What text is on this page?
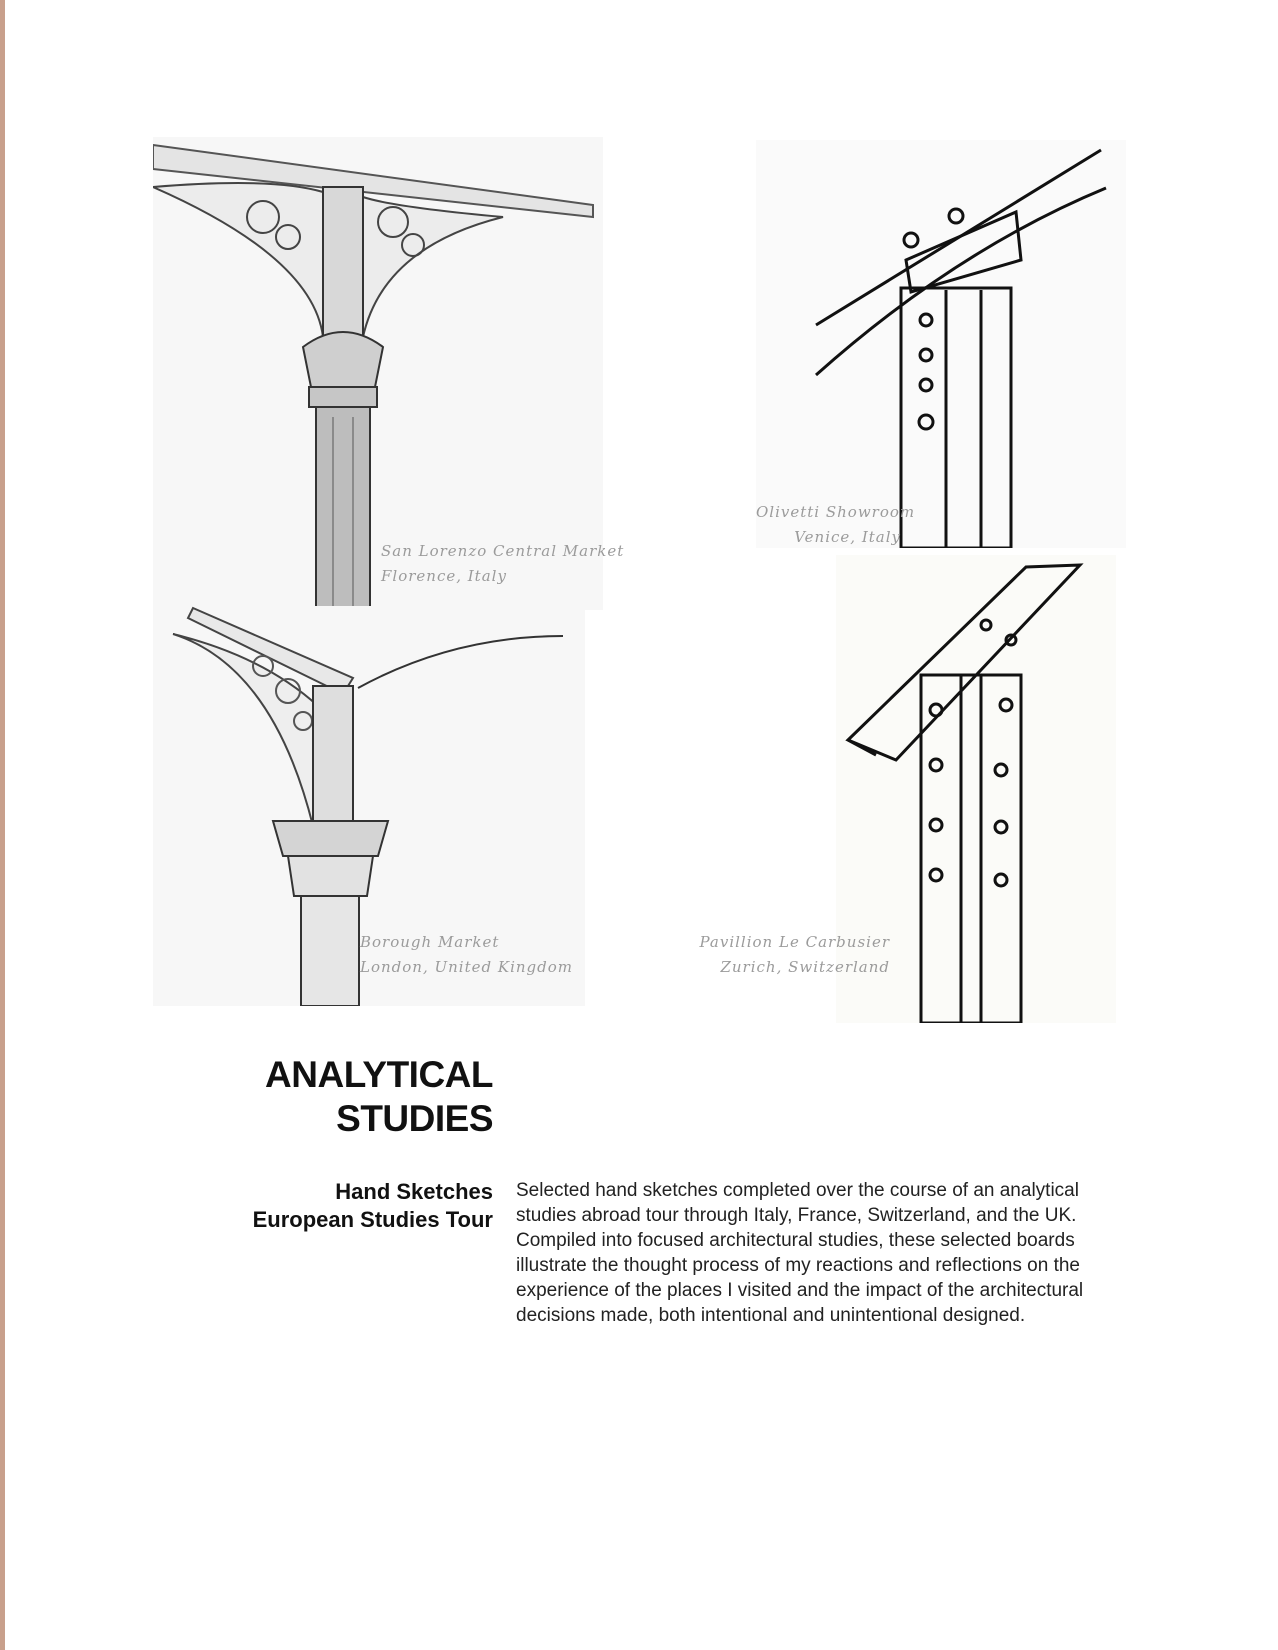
San Lorenzo Central Market
Florence, Italy
Olivetti Showroom
Venice, Italy
Borough Market
London, United Kingdom
Pavillion Le Carbusier
Zurich, Switzerland
ANALYTICAL
STUDIES
Hand Sketches
European Studies Tour
Selected hand sketches completed over the course of an analytical studies abroad tour through Italy, France, Switzerland, and the UK. Compiled into focused architectural studies, these selected boards illustrate the thought process of my reactions and reflections on the experience of the places I visited and the impact of the architectural decisions made, both intentional and unintentional designed.
